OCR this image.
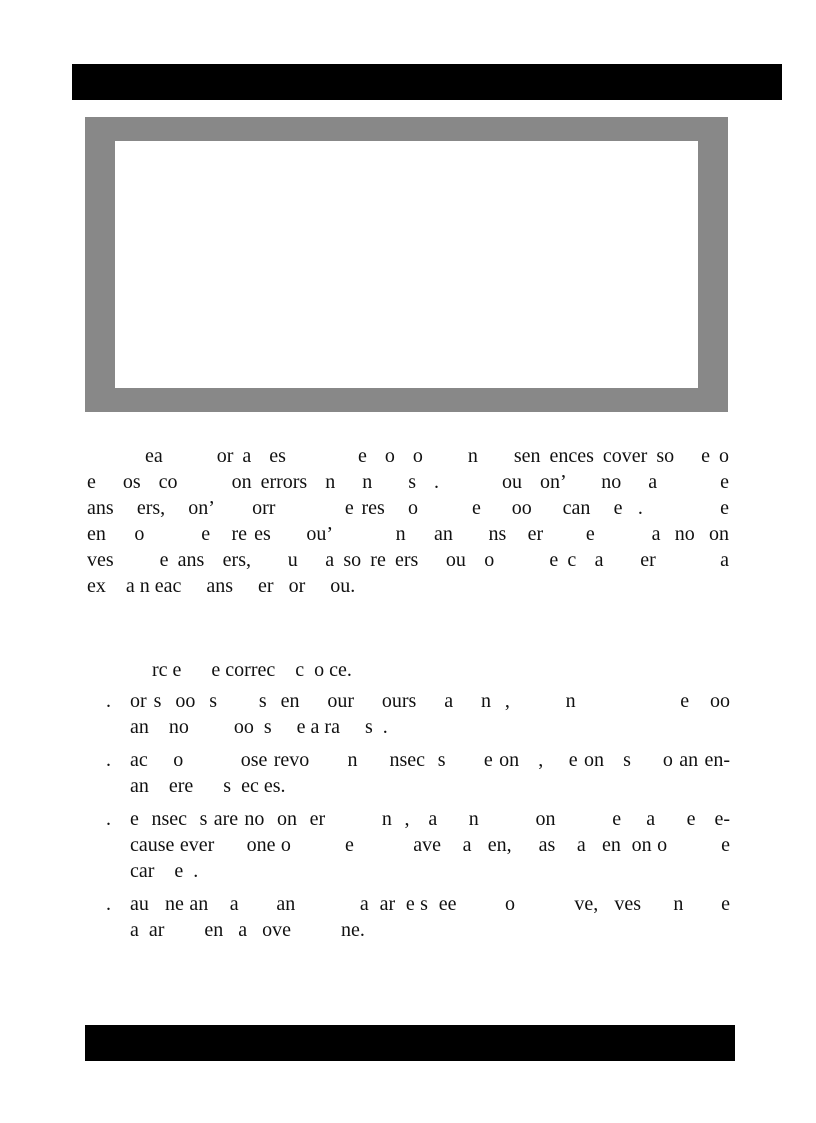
ea      or a  es        e  o  o     n    sen ences cover so   e o
e   os  co      on errors  n   n    s  .       ou  on’    no   a       e
ans   ers,   on’     orr         e res   o       e    oo    can   e  .          e
en    o        e   re es     ou’         n    an     ns   er      e        a  no  on
ves     e ans  ers,    u   a so re ers   ou  o      e c  a    er       a
ex    a n eac     ans     er   or     ou.

rc e      e correc    c  o ce.

. or s  oo  s      s  en    our    ours    a    n  ,        n               e   oo
an    no         oo  s     e a ra     s  .
. ac    o         ose revo      n     nsec  s      e on   ,    e on   s     o an en-
an    ere      s  ec es.
. e  nsec  s are no  on  er         n  ,   a     n         on         e    a     e   e-
cause ever      one o          e           ave    a   en,     as    a   en  on o          e
car    e  .
. au   ne an    a       an            a  ar  e s  ee         o           ve,   ves      n       e
a  ar        en   a   ove          ne.
